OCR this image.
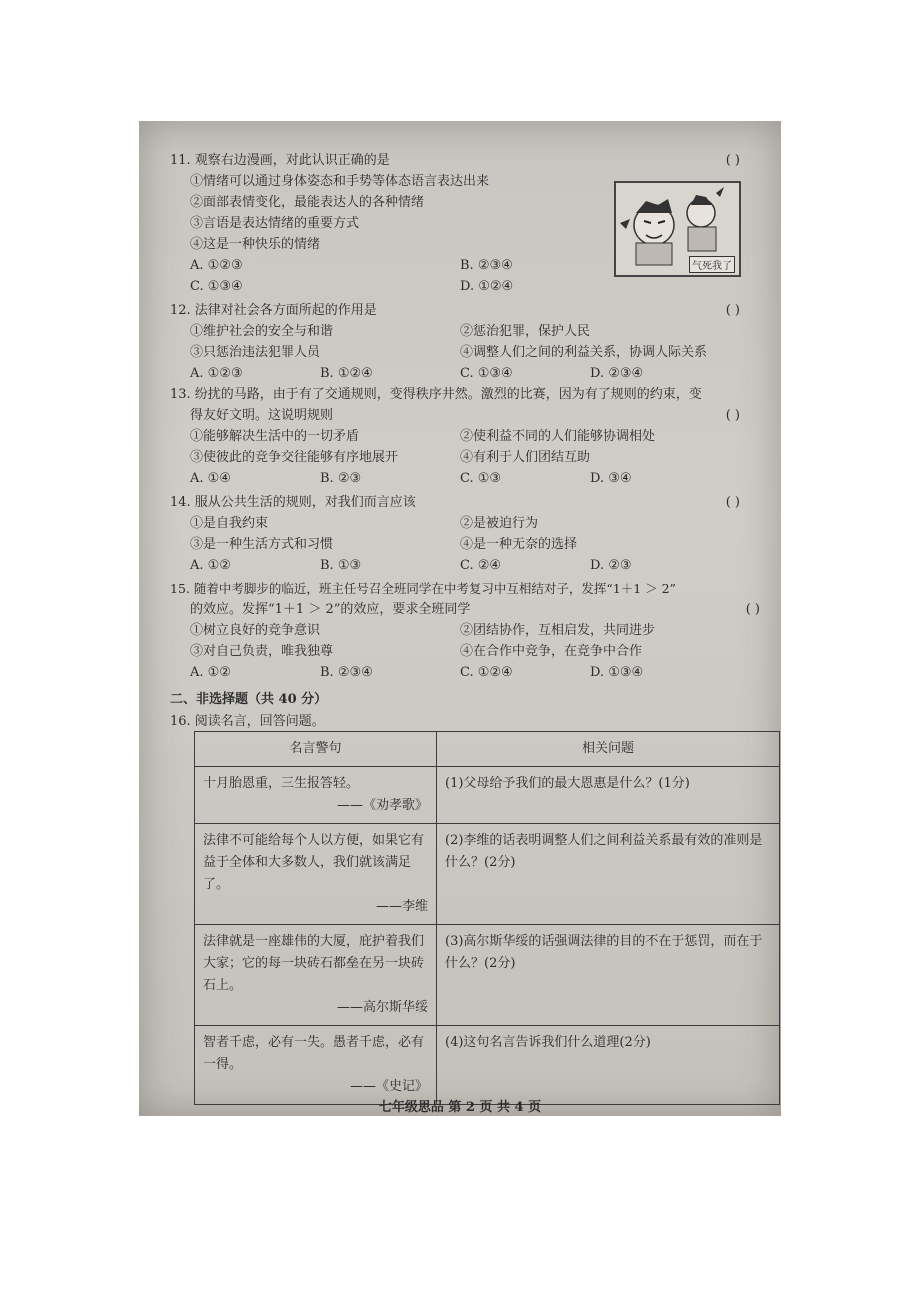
11. 观察右边漫画，对此认识正确的是	( )
①情绪可以通过身体姿态和手势等体态语言表达出来
②面部表情变化，最能表达人的各种情绪
③言语是表达情绪的重要方式
④这是一种快乐的情绪
A. ①②③	B. ②③④
C. ①③④	D. ①②④
气死我了
12. 法律对社会各方面所起的作用是	( )
①维护社会的安全与和谐	②惩治犯罪，保护人民
③只惩治违法犯罪人员	④调整人们之间的利益关系，协调人际关系
A. ①②③	B. ①②④	C. ①③④	D. ②③④
13. 纷扰的马路，由于有了交通规则，变得秩序井然。激烈的比赛，因为有了规则的约束，变
得友好文明。这说明规则	( )
①能够解决生活中的一切矛盾	②使利益不同的人们能够协调相处
③使彼此的竞争交往能够有序地展开	④有利于人们团结互助
A. ①④	B. ②③	C. ①③	D. ③④
14. 服从公共生活的规则，对我们而言应该	( )
①是自我约束	②是被迫行为
③是一种生活方式和习惯	④是一种无奈的选择
A. ①②	B. ①③	C. ②④	D. ②③
15. 随着中考脚步的临近，班主任号召全班同学在中考复习中互相结对子，发挥“1＋1 ＞ 2”
的效应。发挥“1＋1 ＞ 2”的效应，要求全班同学	( )
①树立良好的竞争意识	②团结协作，互相启发，共同进步
③对自己负责，唯我独尊	④在合作中竞争，在竞争中合作
A. ①②	B. ②③④	C. ①②④	D. ①③④
二、非选择题（共 40 分）
16. 阅读名言，回答问题。
名言警句	相关问题

十月胎恩重，三生报答轻。
——《劝孝歌》	(1)父母给予我们的最大恩惠是什么？(1分)

法律不可能给每个人以方便，如果它有益于全体和大多数人，我们就该满足了。
——李维	(2)李维的话表明调整人们之间利益关系最有效的准则是什么？(2分)

法律就是一座雄伟的大厦，庇护着我们大家；它的每一块砖石都垒在另一块砖石上。
——高尔斯华绥	(3)高尔斯华绥的话强调法律的目的不在于惩罚，而在于什么？(2分)

智者千虑，必有一失。愚者千虑，必有一得。
——《史记》	(4)这句名言告诉我们什么道理(2分)
七年级思品 第 2 页 共 4 页
